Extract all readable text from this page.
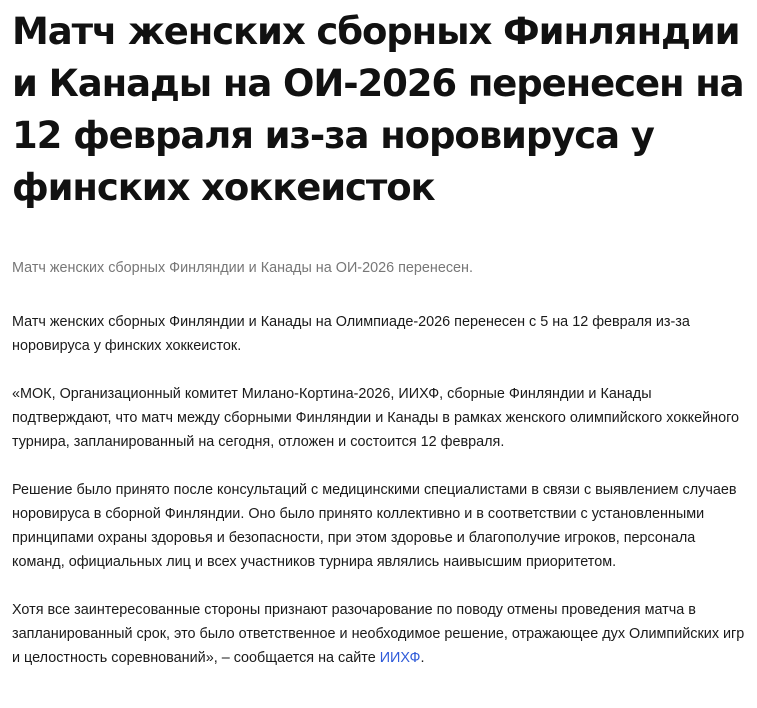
Матч женских сборных Финляндии и Канады на ОИ-2026 перенесен на 12 февраля из-за норовируса у финских хоккеисток

Матч женских сборных Финляндии и Канады на ОИ-2026 перенесен.

Матч женских сборных Финляндии и Канады на Олимпиаде-2026 перенесен с 5 на 12 февраля из-за норовируса у финских хоккеисток.

«МОК, Организационный комитет Милано-Кортина-2026, ИИХФ, сборные Финляндии и Канады подтверждают, что матч между сборными Финляндии и Канады в рамках женского олимпийского хоккейного турнира, запланированный на сегодня, отложен и состоится 12 февраля.

Решение было принято после консультаций с медицинскими специалистами в связи с выявлением случаев норовируса в сборной Финляндии. Оно было принято коллективно и в соответствии с установленными принципами охраны здоровья и безопасности, при этом здоровье и благополучие игроков, персонала команд, официальных лиц и всех участников турнира являлись наивысшим приоритетом.

Хотя все заинтересованные стороны признают разочарование по поводу отмены проведения матча в запланированный срок, это было ответственное и необходимое решение, отражающее дух Олимпийских игр и целостность соревнований», – сообщается на сайте ИИХФ.
